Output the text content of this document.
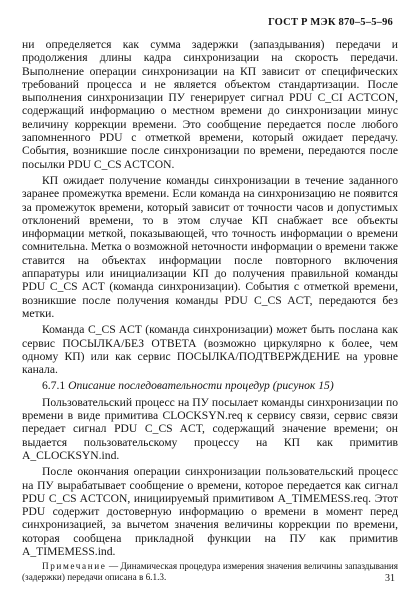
ГОСТ Р МЭК 870–5–5–96

ни определяется как сумма задержки (запаздывания) передачи и продолжения длины кадра синхронизации на скорость передачи. Выполнение операции синхронизации на КП зависит от специфических требований процесса и не является объектом стандартизации. После выполнения синхронизации ПУ генерирует сигнал PDU C_CI ACTCON, содержащий информацию о местном времени до синхронизации минус величину коррекции времени. Это сообщение передается после любого запомненного PDU с отметкой времени, который ожидает передачу. События, возникшие после синхронизации по времени, передаются после посылки PDU C_CS ACTCON.

КП ожидает получение команды синхронизации в течение заданного заранее промежутка времени. Если команда на синхронизацию не появится за промежуток времени, который зависит от точности часов и допустимых отклонений времени, то в этом случае КП снабжает все объекты информации меткой, показывающей, что точность информации о времени сомнительна. Метка о возможной неточности информации о времени также ставится на объектах информации после повторного включения аппаратуры или инициализации КП до получения правильной команды PDU C_CS ACT (команда синхронизации). События с отметкой времени, возникшие после получения команды PDU C_CS ACT, передаются без метки.

Команда C_CS ACT (команда синхронизации) может быть послана как сервис ПОСЫЛКА/БЕЗ ОТВЕТА (возможно циркулярно к более, чем одному КП) или как сервис ПОСЫЛКА/ПОДТВЕРЖДЕНИЕ на уровне канала.

6.7.1 Описание последовательности процедур (рисунок 15)

Пользовательский процесс на ПУ посылает команды синхронизации по времени в виде примитива CLOCKSYN.req к сервису связи, сервис связи передает сигнал PDU C_CS ACT, содержащий значение времени; он выдается пользовательскому процессу на КП как примитив A_CLOCKSYN.ind.

После окончания операции синхронизации пользовательский процесс на ПУ вырабатывает сообщение о времени, которое передается как сигнал PDU C_CS ACTCON, инициируемый примитивом A_TIMEMESS.req. Этот PDU содержит достоверную информацию о времени в момент перед синхронизацией, за вычетом значения величины коррекции по времени, которая сообщена прикладной функции на ПУ как примитив A_TIMEMESS.ind.

Примечание — Динамическая процедура измерения значения величины запаздывания (задержки) передачи описана в 6.1.3.	31
